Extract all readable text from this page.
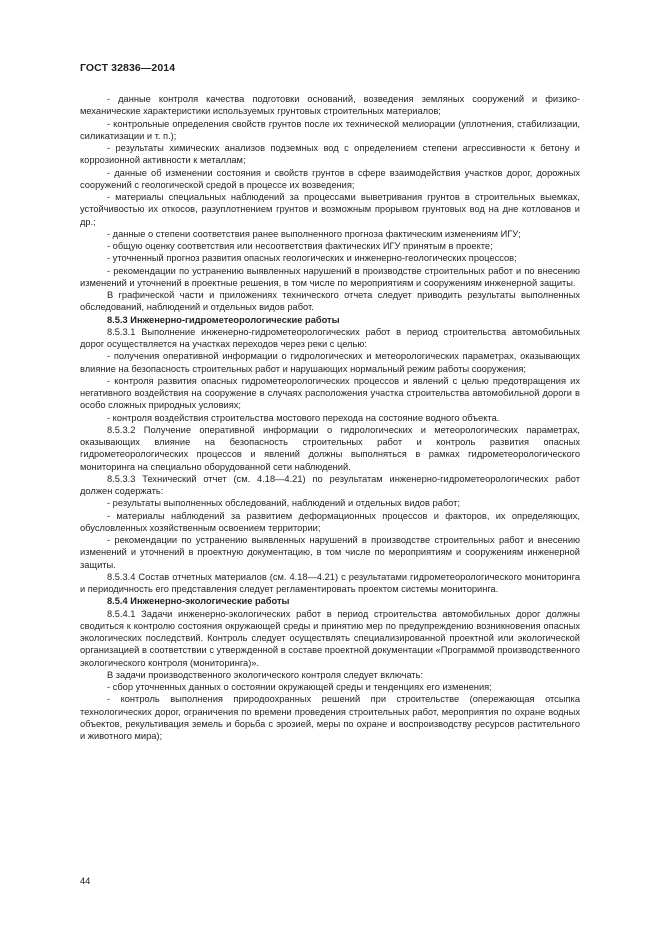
ГОСТ 32836—2014

- данные контроля качества подготовки оснований, возведения земляных сооружений и физико-механические характеристики используемых грунтовых строительных материалов;

- контрольные определения свойств грунтов после их технической мелиорации (уплотнения, стабилизации, силикатизации и т. п.);

- результаты химических анализов подземных вод с определением степени агрессивности к бетону и коррозионной активности к металлам;

- данные об изменении состояния и свойств грунтов в сфере взаимодействия участков дорог, дорожных сооружений с геологической средой в процессе их возведения;

- материалы специальных наблюдений за процессами выветривания грунтов в строительных выемках, устойчивостью их откосов, разуплотнением грунтов и возможным прорывом грунтовых вод на дне котлованов и др.;

- данные о степени соответствия ранее выполненного прогноза фактическим изменениям ИГУ;

- общую оценку соответствия или несоответствия фактических ИГУ принятым в проекте;

- уточненный прогноз развития опасных геологических и инженерно-геологических процессов;

- рекомендации по устранению выявленных нарушений в производстве строительных работ и по внесению изменений и уточнений в проектные решения, в том числе по мероприятиям и сооружениям инженерной защиты.

В графической части и приложениях технического отчета следует приводить результаты выполненных обследований, наблюдений и отдельных видов работ.

8.5.3 Инженерно-гидрометеорологические работы

8.5.3.1 Выполнение инженерно-гидрометеорологических работ в период строительства автомобильных дорог осуществляется на участках переходов через реки с целью:

- получения оперативной информации о гидрологических и метеорологических параметрах, оказывающих влияние на безопасность строительных работ и нарушающих нормальный режим работы сооружения;

- контроля развития опасных гидрометеорологических процессов и явлений с целью предотвращения их негативного воздействия на сооружение в случаях расположения участка строительства автомобильной дороги в особо сложных природных условиях;

- контроля воздействия строительства мостового перехода на состояние водного объекта.

8.5.3.2 Получение оперативной информации о гидрологических и метеорологических параметрах, оказывающих влияние на безопасность строительных работ и контроль развития опасных гидрометеорологических процессов и явлений должны выполняться в рамках гидрометеорологического мониторинга на специально оборудованной сети наблюдений.

8.5.3.3 Технический отчет (см. 4.18—4.21) по результатам инженерно-гидрометеорологических работ должен содержать:

- результаты выполненных обследований, наблюдений и отдельных видов работ;

- материалы наблюдений за развитием деформационных процессов и факторов, их определяющих, обусловленных хозяйственным освоением территории;

- рекомендации по устранению выявленных нарушений в производстве строительных работ и внесению изменений и уточнений в проектную документацию, в том числе по мероприятиям и сооружениям инженерной защиты.

8.5.3.4 Состав отчетных материалов (см. 4.18—4.21) с результатами гидрометеорологического мониторинга и периодичность его представления следует регламентировать проектом системы мониторинга.

8.5.4 Инженерно-экологические работы

8.5.4.1 Задачи инженерно-экологических работ в период строительства автомобильных дорог должны сводиться к контролю состояния окружающей среды и принятию мер по предупреждению возникновения опасных экологических последствий. Контроль следует осуществлять специализированной проектной или экологической организацией в соответствии с утвержденной в составе проектной документации «Программой производственного экологического контроля (мониторинга)».

В задачи производственного экологического контроля следует включать:

- сбор уточненных данных о состоянии окружающей среды и тенденциях его изменения;

- контроль выполнения природоохранных решений при строительстве (опережающая отсыпка технологических дорог, ограничения по времени проведения строительных работ, мероприятия по охране водных объектов, рекультивация земель и борьба с эрозией, меры по охране и воспроизводству ресурсов растительного и животного мира);

44
